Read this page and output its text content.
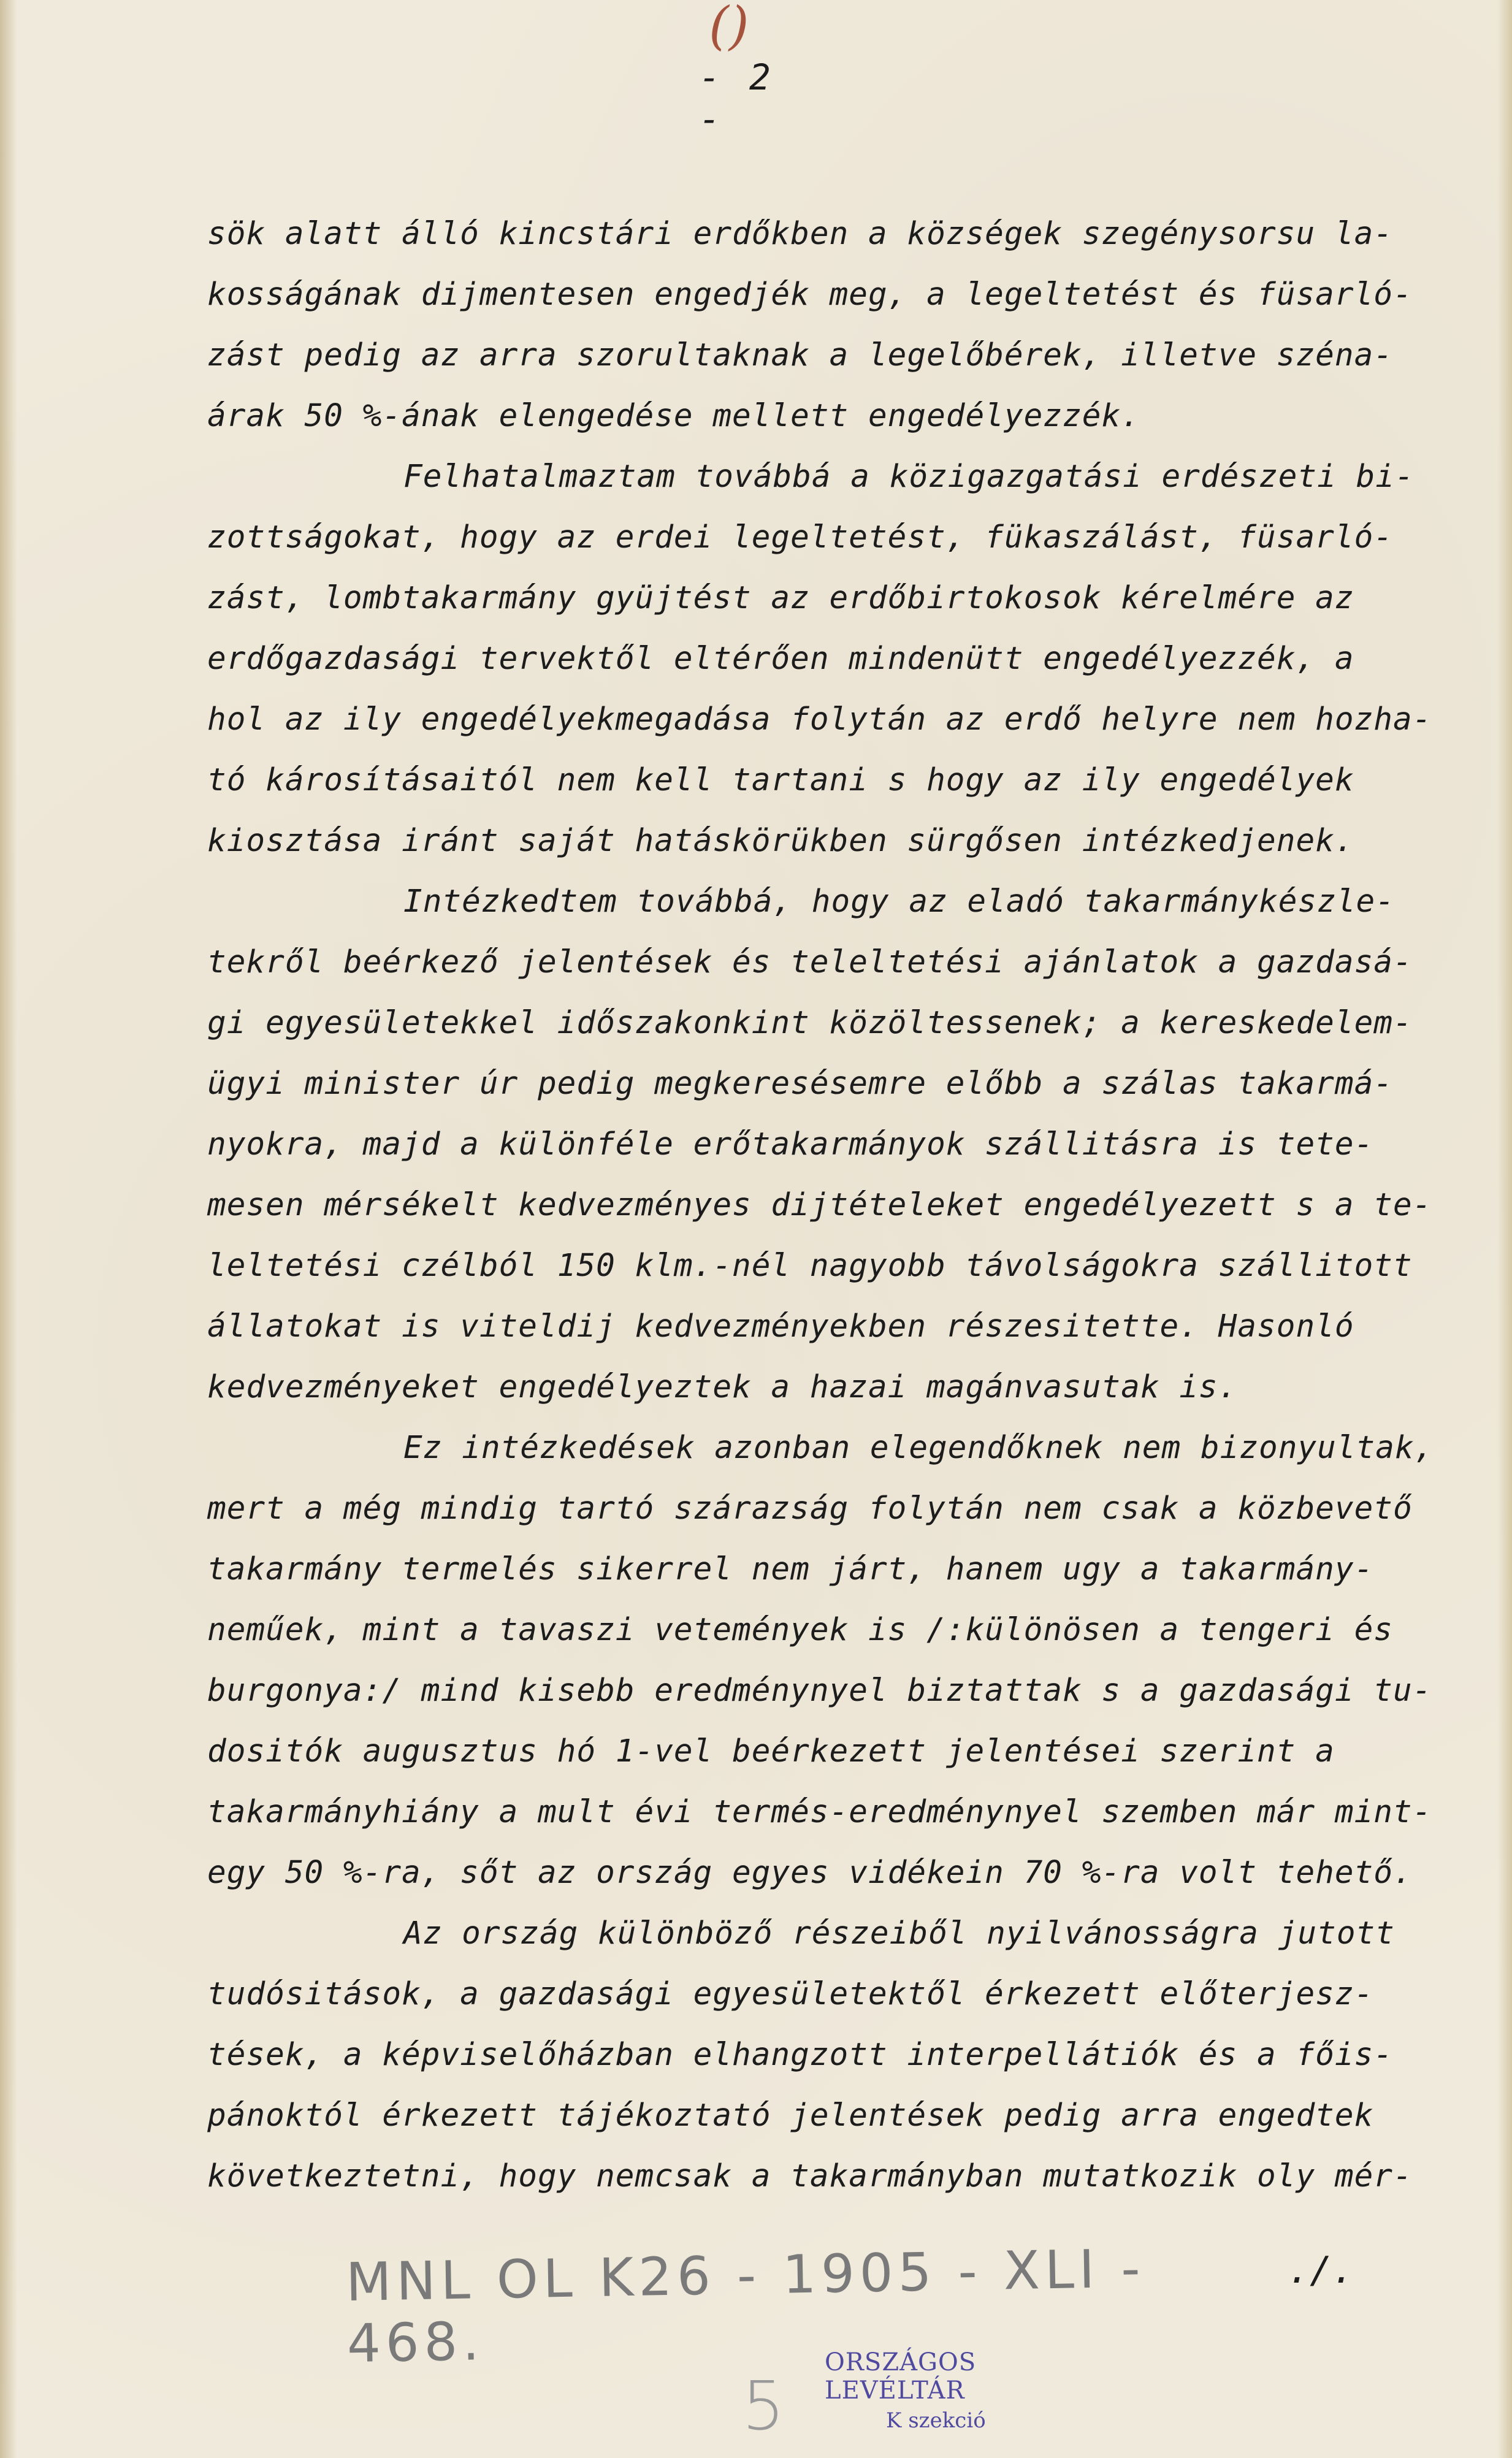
()
- 2 -
sök alatt álló kincstári erdőkben a községek szegénysorsu la-
kosságának dijmentesen engedjék meg, a legeltetést és füsarló-
zást pedig az arra szorultaknak a legelőbérek, illetve széna-
árak 50 %-ának elengedése mellett engedélyezzék.
Felhatalmaztam továbbá a közigazgatási erdészeti bi-
zottságokat, hogy az erdei legeltetést, fükaszálást, füsarló-
zást, lombtakarmány gyüjtést az erdőbirtokosok kérelmére az
erdőgazdasági tervektől eltérően mindenütt engedélyezzék, a
hol az ily engedélyekmegadása folytán az erdő helyre nem hozha-
tó károsításaitól nem kell tartani s hogy az ily engedélyek
kiosztása iránt saját hatáskörükben sürgősen intézkedjenek.
Intézkedtem továbbá, hogy az eladó takarmánykészle-
tekről beérkező jelentések és teleltetési ajánlatok a gazdasá-
gi egyesületekkel időszakonkint közöltessenek; a kereskedelem-
ügyi minister úr pedig megkeresésemre előbb a szálas takarmá-
nyokra, majd a különféle erőtakarmányok szállitásra is tete-
mesen mérsékelt kedvezményes dijtételeket engedélyezett s a te-
leltetési czélból 150 klm.-nél nagyobb távolságokra szállitott
állatokat is viteldij kedvezményekben részesitette. Hasonló
kedvezményeket engedélyeztek a hazai magánvasutak is.
Ez intézkedések azonban elegendőknek nem bizonyultak,
mert a még mindig tartó szárazság folytán nem csak a közbevető
takarmány termelés sikerrel nem járt, hanem ugy a takarmány-
neműek, mint a tavaszi vetemények is /:különösen a tengeri és
burgonya:/ mind kisebb eredménynyel biztattak s a gazdasági tu-
dositók augusztus hó 1-vel beérkezett jelentései szerint a
takarmányhiány a mult évi termés-eredménynyel szemben már mint-
egy 50 %-ra, sőt az ország egyes vidékein 70 %-ra volt tehető.
Az ország különböző részeiből nyilvánosságra jutott
tudósitások, a gazdasági egyesületektől érkezett előterjesz-
tések, a képviselőházban elhangzott interpellátiók és a főis-
pánoktól érkezett tájékoztató jelentések pedig arra engedtek
következtetni, hogy nemcsak a takarmányban mutatkozik oly mér-
MNL OL K26 - 1905 - XLI - 468.
./.
5
ORSZÁGOS LEVÉLTÁR
K szekció
